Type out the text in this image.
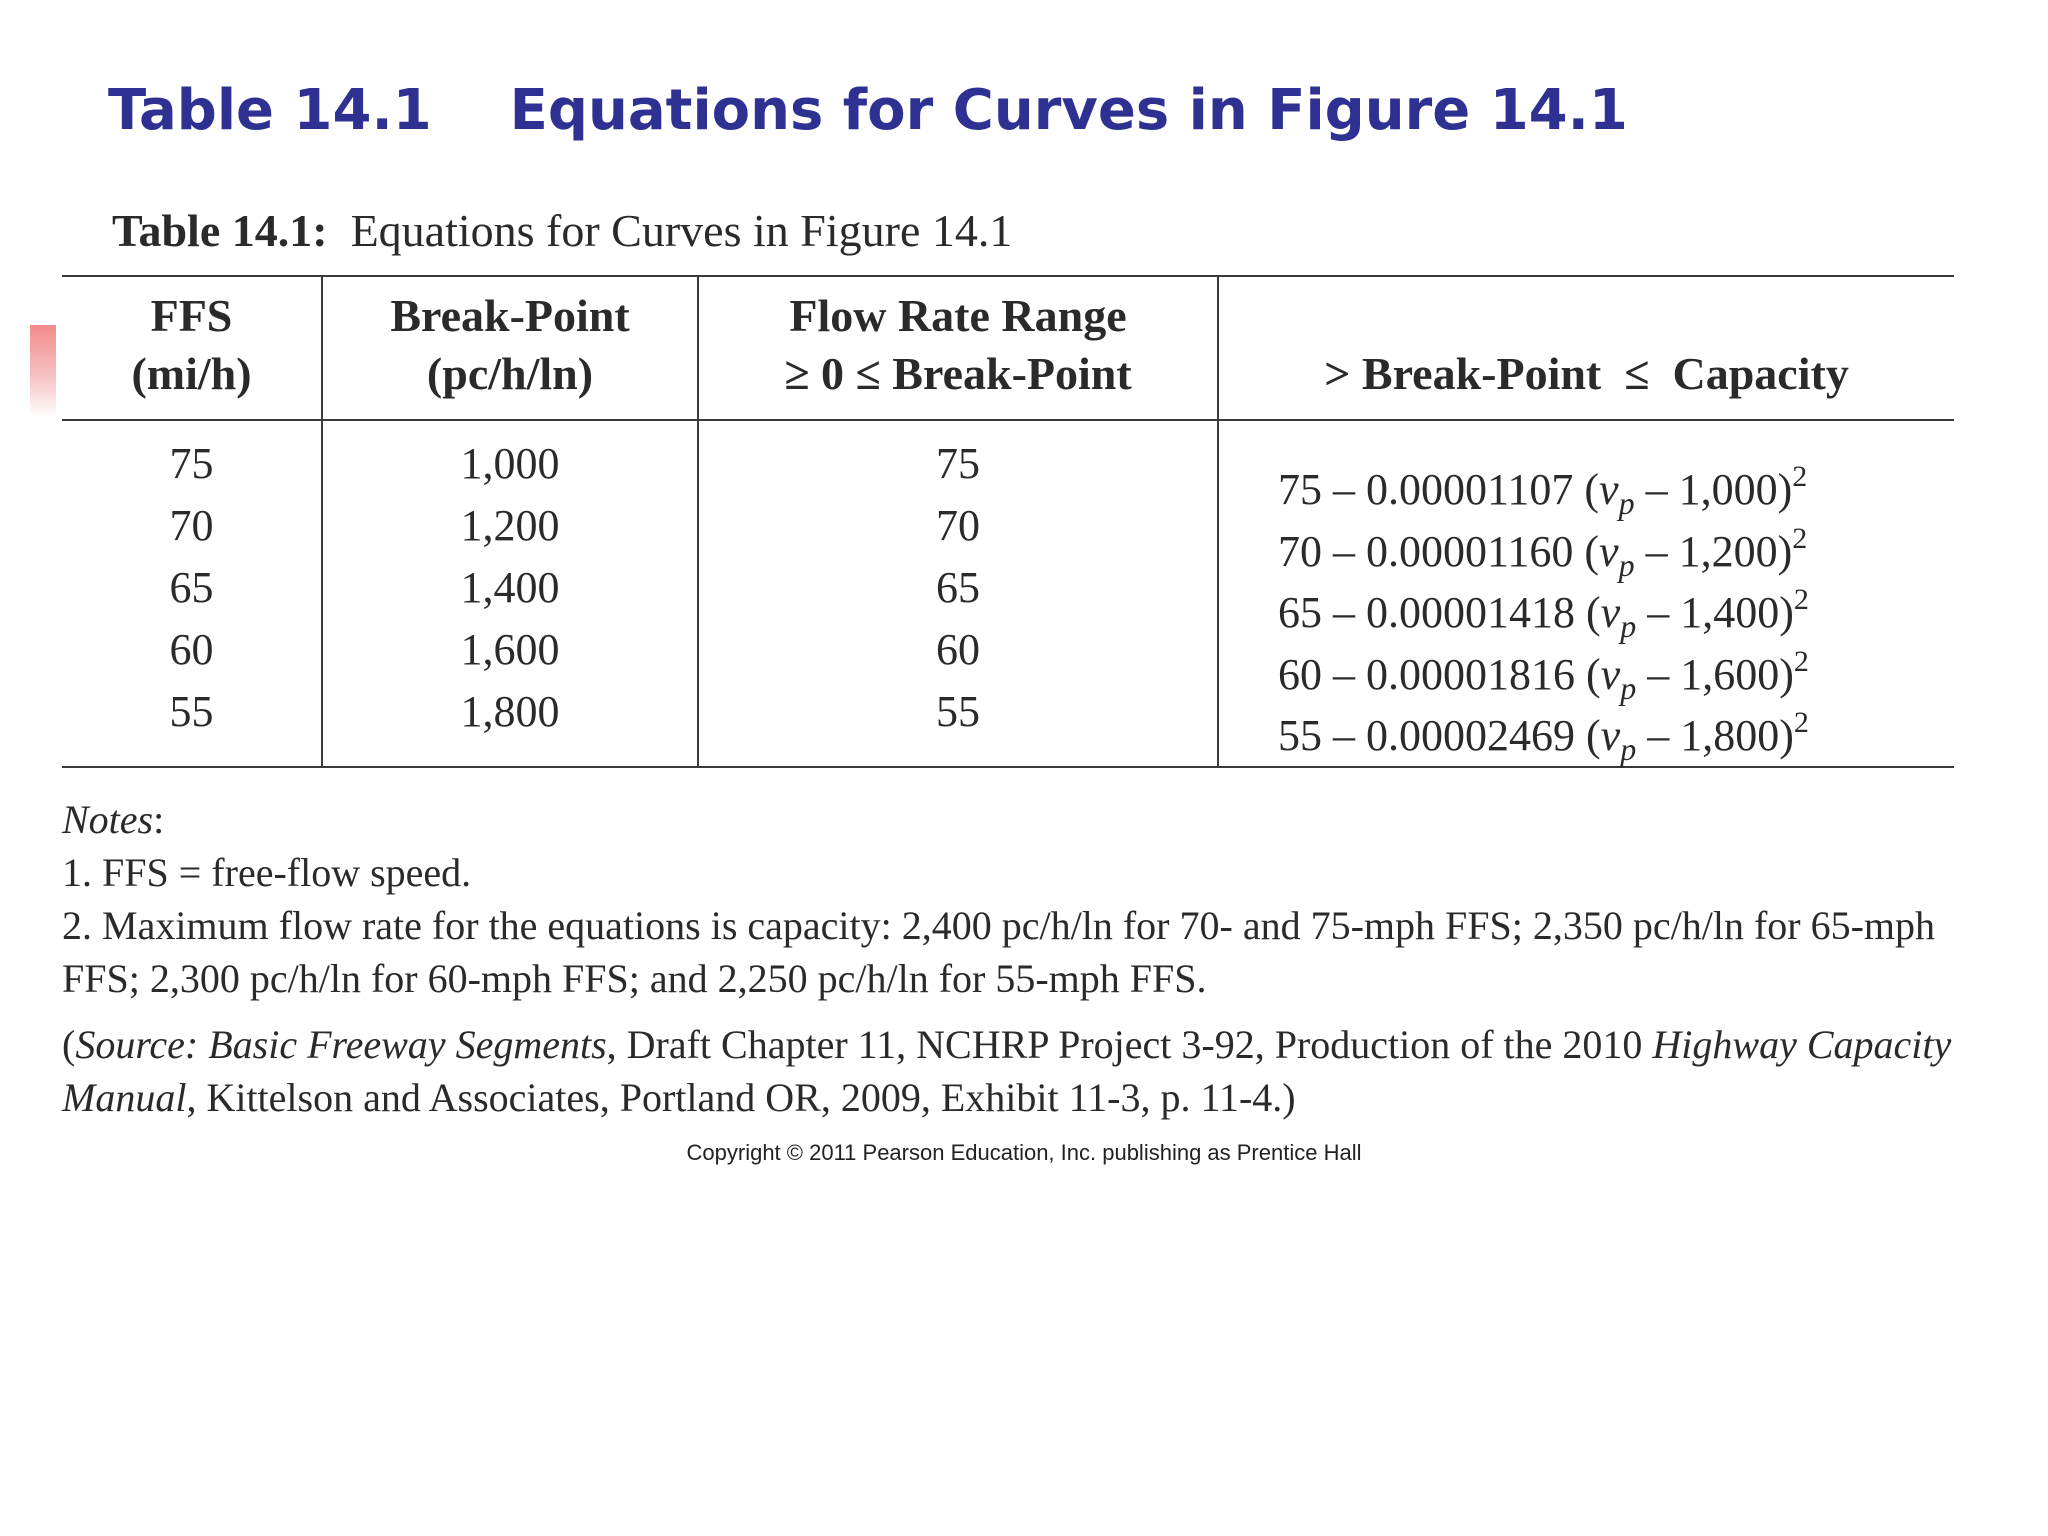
Table 14.1    Equations for Curves in Figure 14.1
Table 14.1: Equations for Curves in Figure 14.1
FFS
(mi/h)
Break-Point
(pc/h/ln)
Flow Rate Range
≥ 0 ≤ Break-Point	> Break-Point  ≤  Capacity
75
70
65
60
55
1,000
1,200
1,400
1,600
1,800
75
70
65
60
55
75 – 0.00001107 $(v_p - 1,000)^2$
70 – 0.00001160 $(v_p - 1,200)^2$
65 – 0.00001418 $(v_p - 1,400)^2$
60 – 0.00001816 $(v_p - 1,600)^2$
55 – 0.00002469 $(v_p - 1,800)^2$
Notes:
1. FFS = free-flow speed.
2. Maximum flow rate for the equations is capacity: 2,400 pc/h/ln for 70- and 75-mph FFS; 2,350 pc/h/ln for 65-mph FFS; 2,300 pc/h/ln for 60-mph FFS; and 2,250 pc/h/ln for 55-mph FFS.
(Source: Basic Freeway Segments, Draft Chapter 11, NCHRP Project 3-92, Production of the 2010 Highway Capacity Manual, Kittelson and Associates, Portland OR, 2009, Exhibit 11-3, p. 11-4.)
Copyright © 2011 Pearson Education, Inc. publishing as Prentice Hall
